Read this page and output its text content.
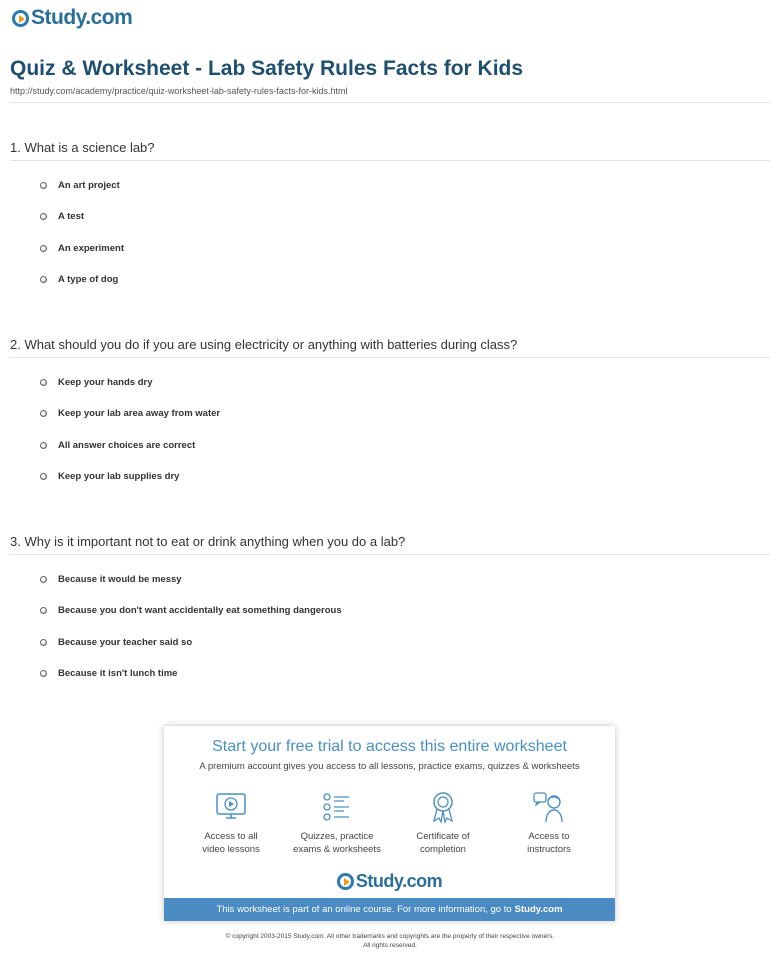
Study.com
Quiz & Worksheet - Lab Safety Rules Facts for Kids
http://study.com/academy/practice/quiz-worksheet-lab-safety-rules-facts-for-kids.html
1. What is a science lab?
An art project
A test
An experiment
A type of dog
2. What should you do if you are using electricity or anything with batteries during class?
Keep your hands dry
Keep your lab area away from water
All answer choices are correct
Keep your lab supplies dry
3. Why is it important not to eat or drink anything when you do a lab?
Because it would be messy
Because you don't want accidentally eat something dangerous
Because your teacher said so
Because it isn't lunch time
Start your free trial to access this entire worksheet
A premium account gives you access to all lessons, practice exams, quizzes & worksheets
Access to all
video lessons
Quizzes, practice
exams & worksheets
Certificate of
completion
Access to
instructors
Study.com
This worksheet is part of an online course. For more information, go to Study.com
© copyright 2003-2015 Study.com. All other trademarks and copyrights are the property of their respective owners.
All rights reserved.
